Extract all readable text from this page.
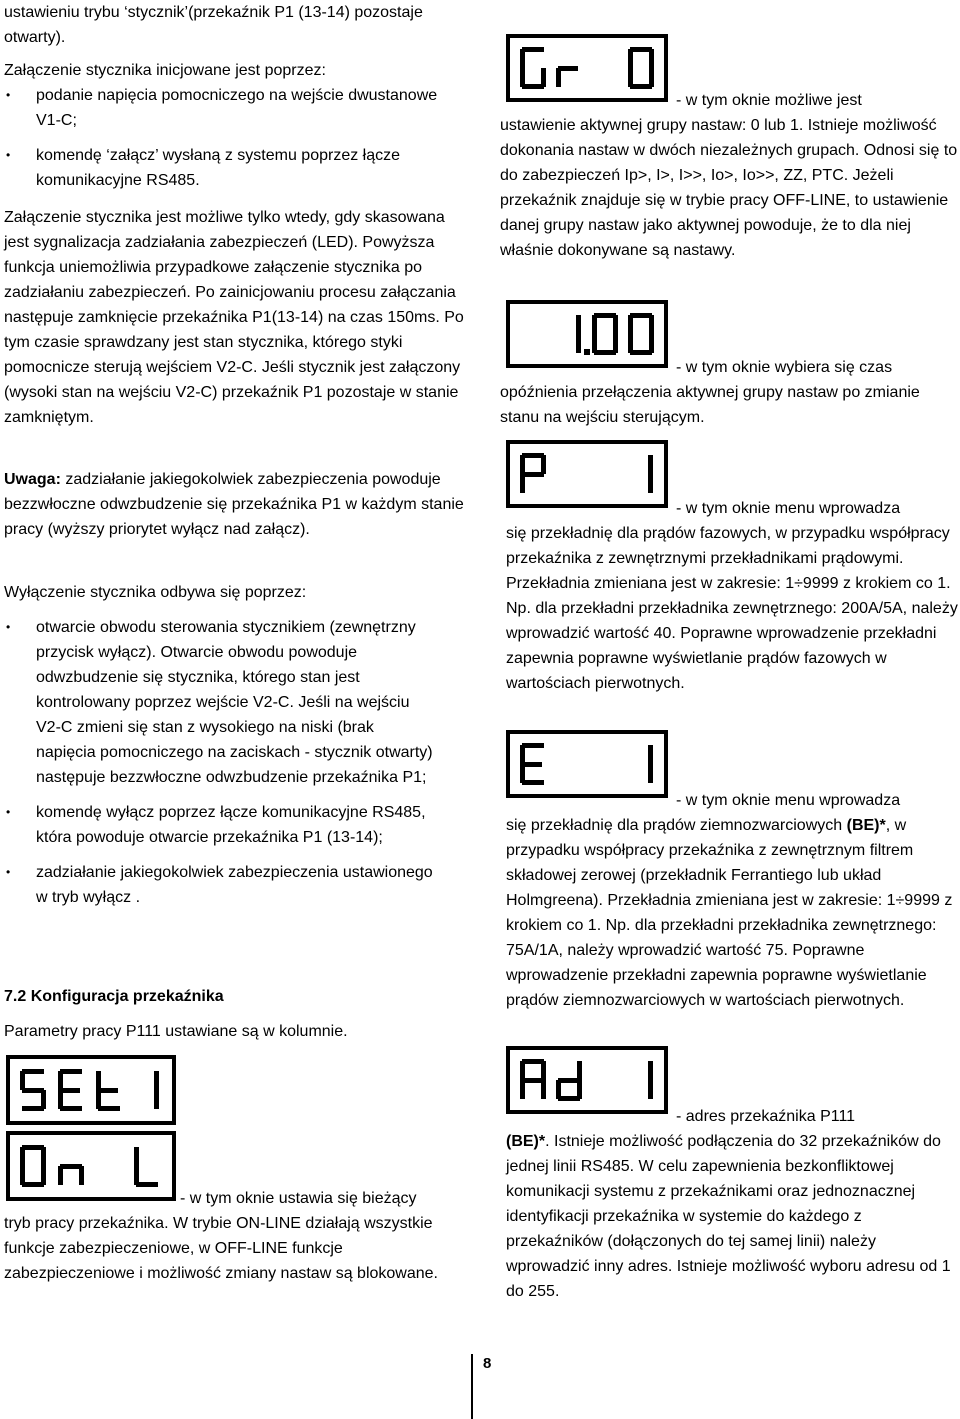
ustawieniu trybu ‘stycznik’(przekaźnik P1 (13-14) pozostaje otwarty).

Załączenie stycznika inicjowane jest poprzez:

• podanie napięcia pomocniczego na wejście dwustanowe V1-C;
• komendę ‘załącz’ wysłaną z systemu poprzez łącze komunikacyjne RS485.

Załączenie stycznika jest możliwe tylko wtedy, gdy skasowana jest sygnalizacja zadziałania zabezpieczeń (LED). Powyższa funkcja uniemożliwia przypadkowe załączenie stycznika po zadziałaniu zabezpieczeń. Po zainicjowaniu procesu załączania następuje zamknięcie przekaźnika P1(13-14) na czas 150ms. Po tym czasie sprawdzany jest stan stycznika, którego styki pomocnicze sterują wejściem V2-C. Jeśli stycznik jest załączony (wysoki stan na wejściu V2-C) przekaźnik P1 pozostaje w stanie zamkniętym.

Uwaga: zadziałanie jakiegokolwiek zabezpieczenia powoduje bezzwłoczne odwzbudzenie się przekaźnika P1 w każdym stanie pracy (wyższy priorytet wyłącz nad załącz).

Wyłączenie stycznika odbywa się poprzez:

• otwarcie obwodu sterowania stycznikiem (zewnętrzny przycisk wyłącz). Otwarcie obwodu powoduje odwzbudzenie się stycznika, którego stan jest kontrolowany poprzez wejście V2-C. Jeśli na wejściu V2-C zmieni się stan z wysokiego na niski (brak napięcia pomocniczego na zaciskach - stycznik otwarty) następuje bezzwłoczne odwzbudzenie przekaźnika P1;
• komendę wyłącz poprzez łącze komunikacyjne RS485, która powoduje otwarcie przekaźnika P1 (13-14);
• zadziałanie jakiegokolwiek zabezpieczenia ustawionego w tryb wyłącz .

7.2 Konfiguracja przekaźnika

Parametry pracy P111 ustawiane są w kolumnie.

- w tym oknie ustawia się bieżący

tryb pracy przekaźnika. W trybie ON-LINE działają wszystkie funkcje zabezpieczeniowe, w OFF-LINE funkcje zabezpieczeniowe i możliwość zmiany nastaw są blokowane.

- w tym oknie możliwe jest

ustawienie aktywnej grupy nastaw: 0 lub 1. Istnieje możliwość dokonania nastaw w dwóch niezależnych grupach. Odnosi się to do zabezpieczeń Ip>, I>, I>>, Io>, Io>>, ZZ, PTC. Jeżeli przekaźnik znajduje się w trybie pracy OFF-LINE, to ustawienie danej grupy nastaw jako aktywnej powoduje, że to dla niej właśnie dokonywane są nastawy.

- w tym oknie wybiera się czas

opóźnienia przełączenia aktywnej grupy nastaw po zmianie stanu na wejściu sterującym.

- w tym oknie menu wprowadza

się przekładnię dla prądów fazowych, w przypadku współpracy przekaźnika z zewnętrznymi przekładnikami prądowymi. Przekładnia zmieniana jest w zakresie: 1÷9999 z krokiem co 1. Np. dla przekładni przekładnika zewnętrznego: 200A/5A, należy wprowadzić wartość 40. Poprawne wprowadzenie przekładni zapewnia poprawne wyświetlanie prądów fazowych w wartościach pierwotnych.

- w tym oknie menu wprowadza

się przekładnię dla prądów ziemnozwarciowych (BE)*, w przypadku współpracy przekaźnika z zewnętrznym filtrem składowej zerowej (przekładnik Ferrantiego lub układ Holmgreena). Przekładnia zmieniana jest w zakresie: 1÷9999 z krokiem co 1. Np. dla przekładni przekładnika zewnętrznego: 75A/1A, należy wprowadzić wartość 75. Poprawne wprowadzenie przekładni zapewnia poprawne wyświetlanie prądów ziemnozwarciowych w wartościach pierwotnych.

- adres przekaźnika P111

(BE)*. Istnieje możliwość podłączenia do 32 przekaźników do jednej linii RS485. W celu zapewnienia bezkonfliktowej komunikacji systemu z przekaźnikami oraz jednoznacznej identyfikacji przekaźnika w systemie do każdego z przekaźników (dołączonych do tej samej linii) należy wprowadzić inny adres. Istnieje możliwość wyboru adresu od 1 do 255.

8
